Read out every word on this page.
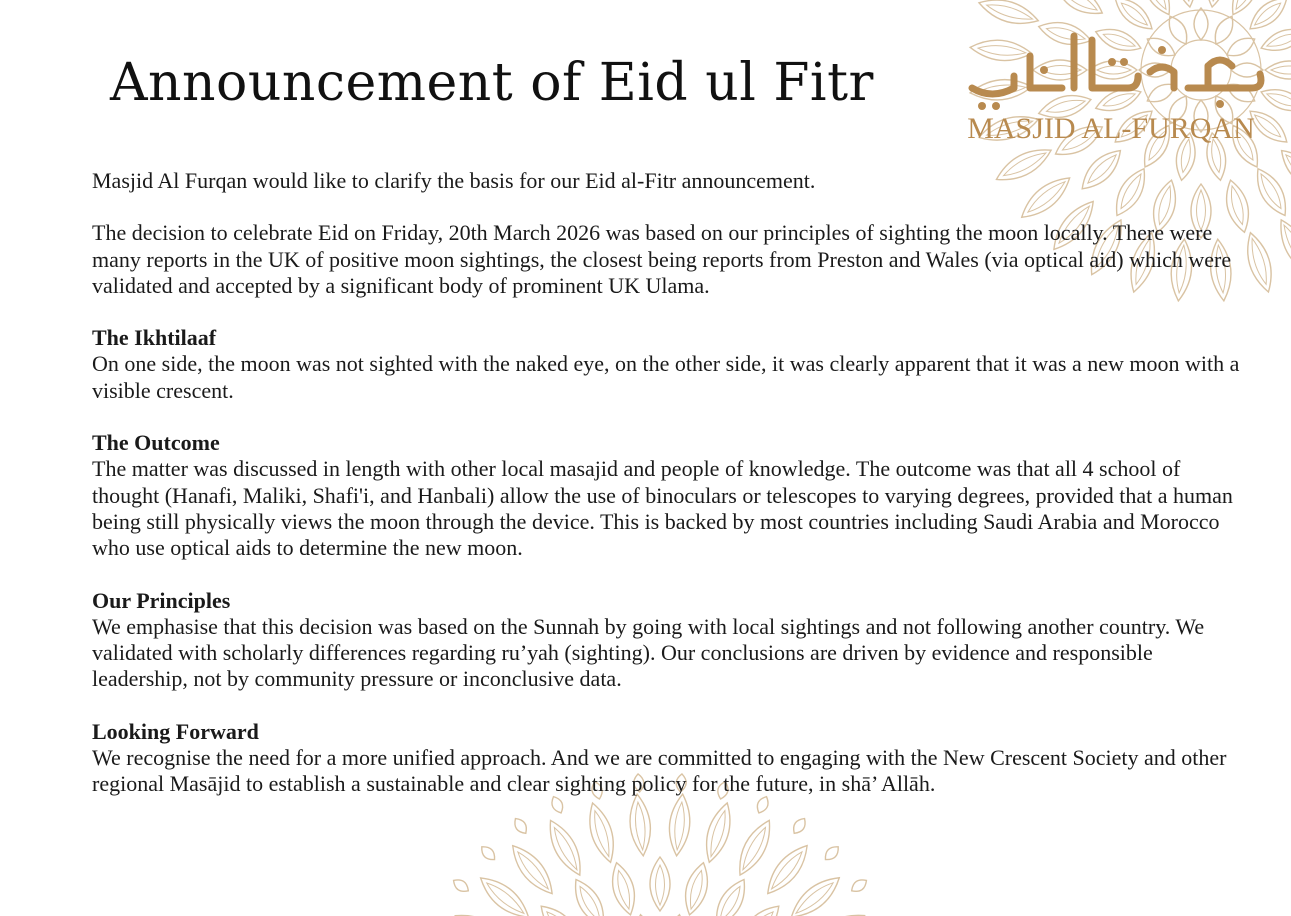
Announcement of Eid ul Fitr
MASJID AL-FURQAN

Masjid Al Furqan would like to clarify the basis for our Eid al-Fitr announcement.

The decision to celebrate Eid on Friday, 20th March 2026 was based on our principles of sighting the moon locally. There were many reports in the UK of positive moon sightings, the closest being reports from Preston and Wales (via optical aid) which were validated and accepted by a significant body of prominent UK Ulama.

The Ikhtilaaf

On one side, the moon was not sighted with the naked eye, on the other side, it was clearly apparent that it was a new moon with a visible crescent.

The Outcome

The matter was discussed in length with other local masajid and people of knowledge. The outcome was that all 4 school of thought (Hanafi, Maliki, Shafi'i, and Hanbali) allow the use of binoculars or telescopes to varying degrees, provided that a human being still physically views the moon through the device. This is backed by most countries including Saudi Arabia and Morocco who use optical aids to determine the new moon.

Our Principles

We emphasise that this decision was based on the Sunnah by going with local sightings and not following another country. We validated with scholarly differences regarding ru’yah (sighting). Our conclusions are driven by evidence and responsible leadership, not by community pressure or inconclusive data.

Looking Forward

We recognise the need for a more unified approach. And we are committed to engaging with the New Crescent Society and other regional Masājid to establish a sustainable and clear sighting policy for the future, in shā’ Allāh.
